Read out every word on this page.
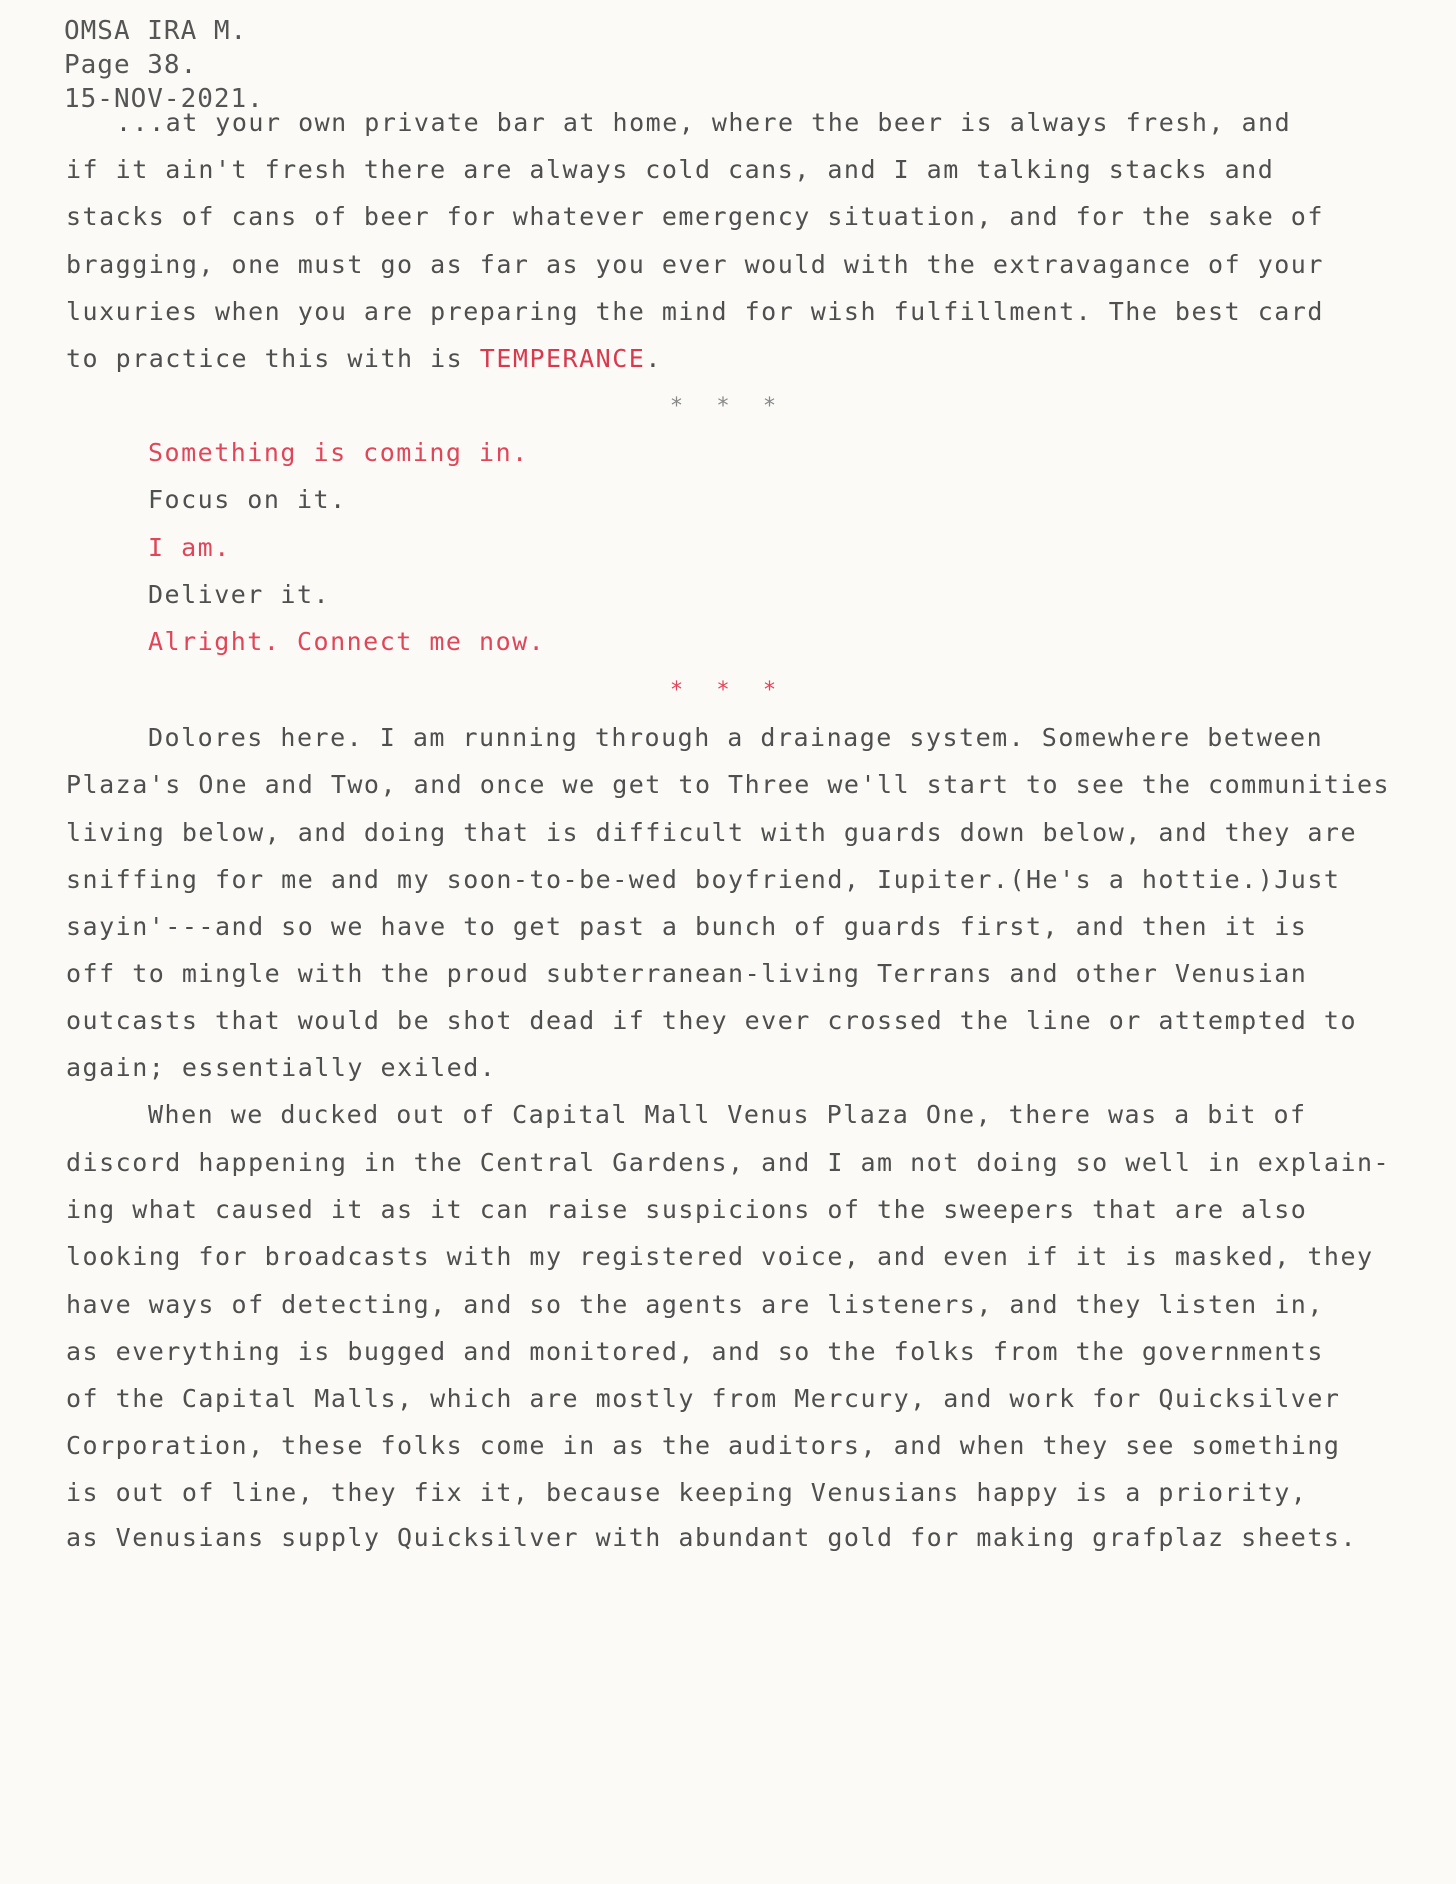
OMSA IRA M.
Page 38.
15-NOV-2021.
...at your own private bar at home, where the beer is always fresh, and
if it ain't fresh there are always cold cans, and I am talking stacks and
stacks of cans of beer for whatever emergency situation, and for the sake of
bragging, one must go as far as you ever would with the extravagance of your
luxuries when you are preparing the mind for wish fulfillment. The best card
to practice this with is TEMPERANCE.
* * *
Something is coming in.
Focus on it.
I am.
Deliver it.
Alright. Connect me now.
* * *
Dolores here. I am running through a drainage system. Somewhere between
Plaza's One and Two, and once we get to Three we'll start to see the communities
living below, and doing that is difficult with guards down below, and they are
sniffing for me and my soon-to-be-wed boyfriend, Iupiter.(He's a hottie.)Just
sayin'---and so we have to get past a bunch of guards first, and then it is
off to mingle with the proud subterranean-living Terrans and other Venusian
outcasts that would be shot dead if they ever crossed the line or attempted to
again; essentially exiled.
When we ducked out of Capital Mall Venus Plaza One, there was a bit of
discord happening in the Central Gardens, and I am not doing so well in explain-
ing what caused it as it can raise suspicions of the sweepers that are also
looking for broadcasts with my registered voice, and even if it is masked, they
have ways of detecting, and so the agents are listeners, and they listen in,
as everything is bugged and monitored, and so the folks from the governments
of the Capital Malls, which are mostly from Mercury, and work for Quicksilver
Corporation, these folks come in as the auditors, and when they see something
is out of line, they fix it, because keeping Venusians happy is a priority,
as Venusians supply Quicksilver with abundant gold for making grafplaz sheets.
